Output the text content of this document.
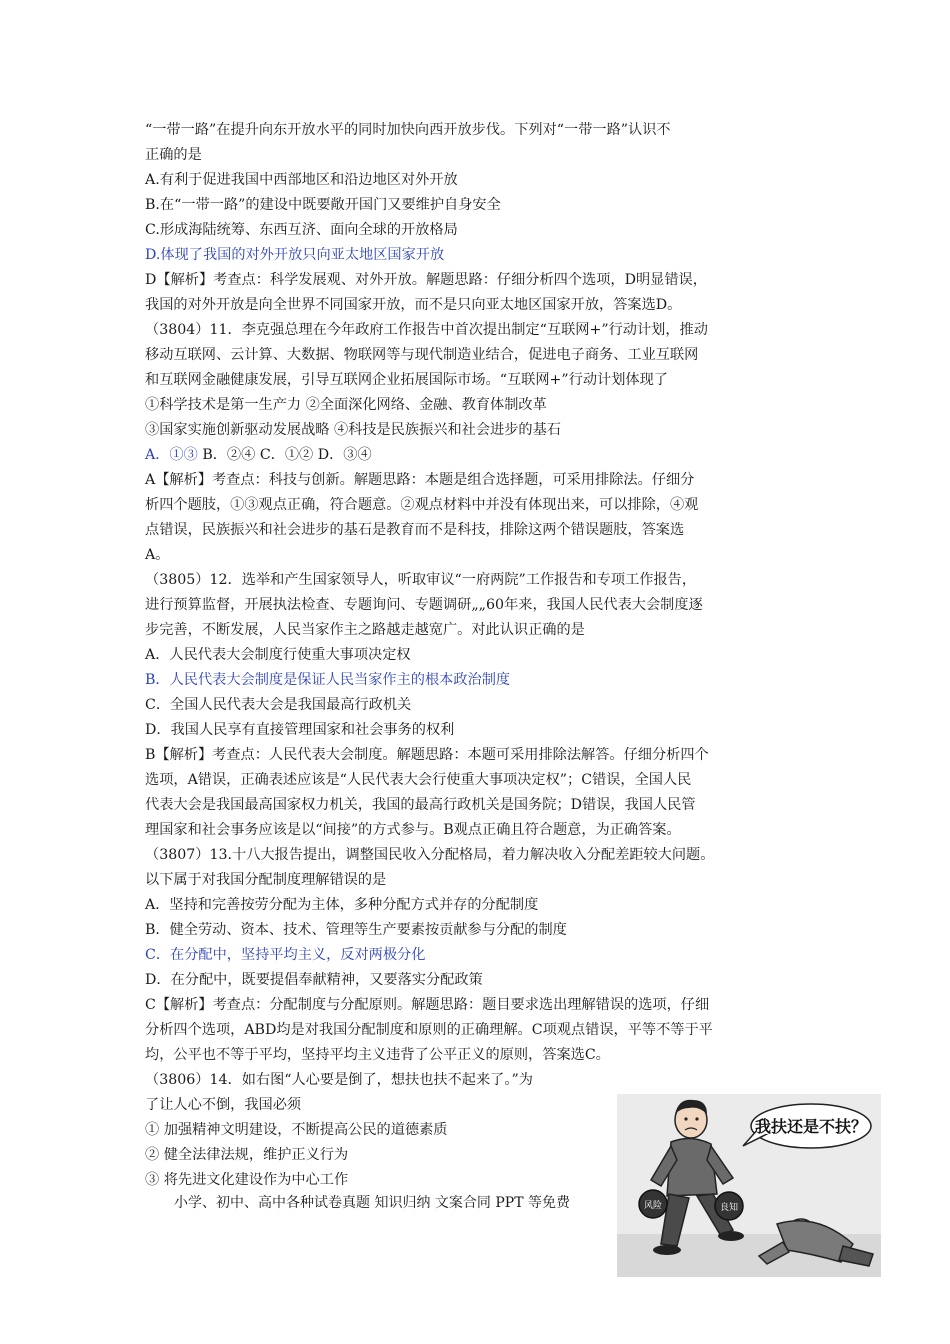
“一带一路”在提升向东开放水平的同时加快向西开放步伐。下列对“一带一路”认识不
正确的是
A.有利于促进我国中西部地区和沿边地区对外开放
B.在“一带一路”的建设中既要敞开国门又要维护自身安全
C.形成海陆统筹、东西互济、面向全球的开放格局
D.体现了我国的对外开放只向亚太地区国家开放
D【解析】考查点：科学发展观、对外开放。解题思路：仔细分析四个选项，D明显错误，
我国的对外开放是向全世界不同国家开放，而不是只向亚太地区国家开放，答案选D。
（3804）11．李克强总理在今年政府工作报告中首次提出制定“互联网+”行动计划，推动
移动互联网、云计算、大数据、物联网等与现代制造业结合，促进电子商务、工业互联网
和互联网金融健康发展，引导互联网企业拓展国际市场。“互联网+”行动计划体现了
①科学技术是第一生产力 ②全面深化网络、金融、教育体制改革
③国家实施创新驱动发展战略 ④科技是民族振兴和社会进步的基石
A．①③ B．②④ C．①② D．③④
A【解析】考查点：科技与创新。解题思路：本题是组合选择题，可采用排除法。仔细分
析四个题肢，①③观点正确，符合题意。②观点材料中并没有体现出来，可以排除，④观
点错误，民族振兴和社会进步的基石是教育而不是科技，排除这两个错误题肢，答案选
A。
（3805）12．选举和产生国家领导人，听取审议“一府两院”工作报告和专项工作报告，
进行预算监督，开展执法检查、专题询问、专题调研„„60年来，我国人民代表大会制度逐
步完善，不断发展，人民当家作主之路越走越宽广。对此认识正确的是
A．人民代表大会制度行使重大事项决定权
B．人民代表大会制度是保证人民当家作主的根本政治制度
C．全国人民代表大会是我国最高行政机关
D．我国人民享有直接管理国家和社会事务的权利
B【解析】考查点：人民代表大会制度。解题思路：本题可采用排除法解答。仔细分析四个
选项，A错误，正确表述应该是“人民代表大会行使重大事项决定权”；C错误，全国人民
代表大会是我国最高国家权力机关，我国的最高行政机关是国务院；D错误，我国人民管
理国家和社会事务应该是以“间接”的方式参与。B观点正确且符合题意，为正确答案。
（3807）13.十八大报告提出，调整国民收入分配格局，着力解决收入分配差距较大问题。
以下属于对我国分配制度理解错误的是
A．坚持和完善按劳分配为主体，多种分配方式并存的分配制度
B．健全劳动、资本、技术、管理等生产要素按贡献参与分配的制度
C．在分配中，坚持平均主义，反对两极分化
D．在分配中，既要提倡奉献精神，又要落实分配政策
C【解析】考查点：分配制度与分配原则。解题思路：题目要求选出理解错误的选项，仔细
分析四个选项，ABD均是对我国分配制度和原则的正确理解。C项观点错误，平等不等于平
均，公平也不等于平均，坚持平均主义违背了公平正义的原则，答案选C。
（3806）14．如右图“人心要是倒了，想扶也扶不起来了。”为
了让人心不倒，我国必须
① 加强精神文明建设，不断提高公民的道德素质
② 健全法律法规，维护正义行为
③ 将先进文化建设作为中心工作
小学、初中、高中各种试卷真题 知识归纳 文案合同 PPT 等免费
我扶还是不扶？
风险	良知
